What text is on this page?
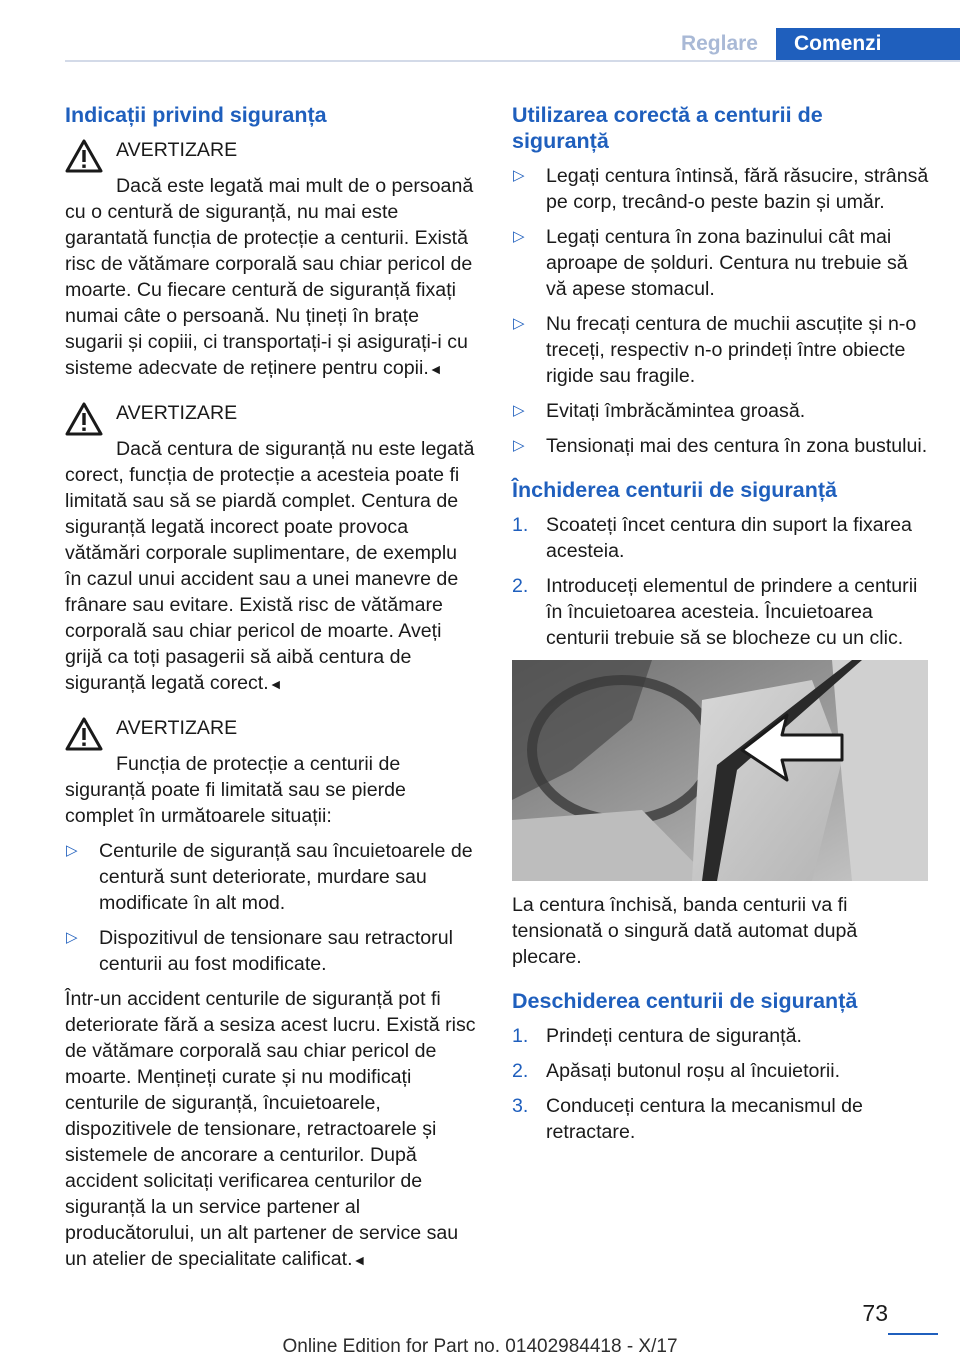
Reglare	Comenzi
Indicații privind siguranța
AVERTIZARE

Dacă este legată mai mult de o persoană cu o centură de siguranță, nu mai este garantată funcția de protecție a centurii. Există risc de vătămare corporală sau chiar pericol de moarte. Cu fiecare centură de siguranță fixați numai câte o persoană. Nu țineți în brațe sugarii și copiii, ci transportați-i și asigurați-i cu sisteme adecvate de reținere pentru copii.◄

AVERTIZARE

Dacă centura de siguranță nu este legată corect, funcția de protecție a acesteia poate fi limitată sau să se piardă complet. Centura de siguranță legată incorect poate provoca vătămări corporale suplimentare, de exemplu în cazul unui accident sau a unei manevre de frânare sau evitare. Există risc de vătămare corporală sau chiar pericol de moarte. Aveți grijă ca toți pasagerii să aibă centura de siguranță legată corect.◄

AVERTIZARE

Funcția de protecție a centurii de siguranță poate fi limitată sau se pierde complet în următoarele situații:

▷ Centurile de siguranță sau încuietoarele de centură sunt deteriorate, murdare sau modificate în alt mod.
▷ Dispozitivul de tensionare sau retractorul centurii au fost modificate.

Într-un accident centurile de siguranță pot fi deteriorate fără a sesiza acest lucru. Există risc de vătămare corporală sau chiar pericol de moarte. Mențineți curate și nu modificați centurile de siguranță, încuietoarele, dispozitivele de tensionare, retractoarele și sistemele de ancorare a centurilor. După accident solicitați verificarea centurilor de siguranță la un service partener al producătorului, un alt partener de service sau un atelier de specialitate calificat.◄

Utilizarea corectă a centurii de siguranță
▷ Legați centura întinsă, fără răsucire, strânsă pe corp, trecând-o peste bazin și umăr.
▷ Legați centura în zona bazinului cât mai aproape de șolduri. Centura nu trebuie să vă apese stomacul.
▷ Nu frecați centura de muchii ascuțite și n-o treceți, respectiv n-o prindeți între obiecte rigide sau fragile.
▷ Evitați îmbrăcămintea groasă.
▷ Tensionați mai des centura în zona bustului.
Închiderea centurii de siguranță
1. Scoateți încet centura din suport la fixarea acesteia.
2. Introduceți elementul de prindere a centurii în încuietoarea acesteia. Încuietoarea centurii trebuie să se blocheze cu un clic.

La centura închisă, banda centurii va fi tensionată o singură dată automat după plecare.

Deschiderea centurii de siguranță
1. Prindeți centura de siguranță.
2. Apăsați butonul roșu al încuietorii.
3. Conduceți centura la mecanismul de retractare.
73
Online Edition for Part no. 01402984418 - X/17
